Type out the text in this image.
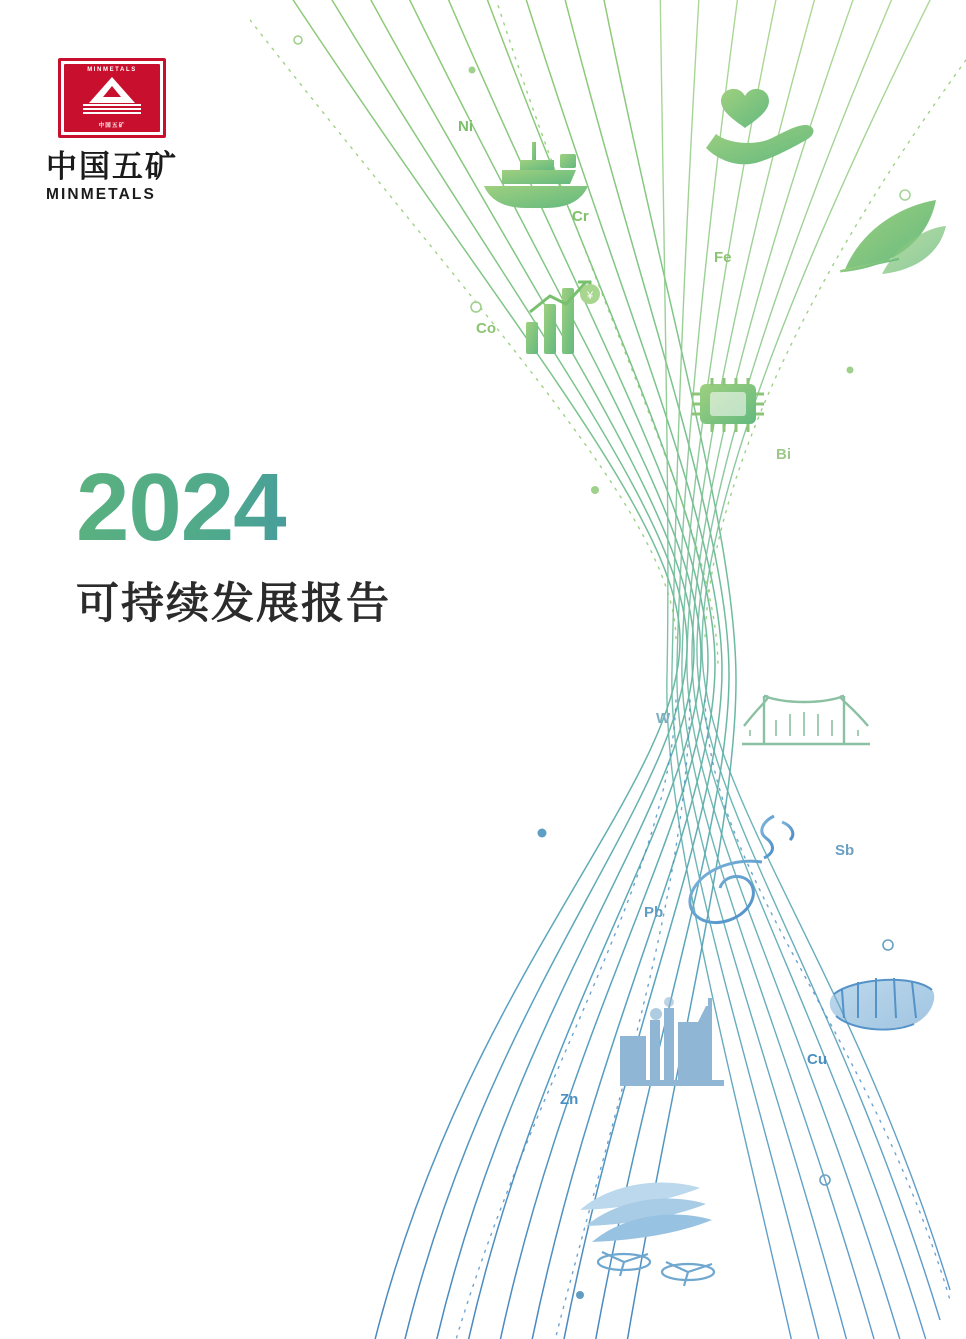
¥
Ni
Cr
Fe
Co
Bi
W
Sb
Pb
Cu
Zn
MINMETALS
中国五矿
中国五矿
MINMETALS
2024
可持续发展报告
